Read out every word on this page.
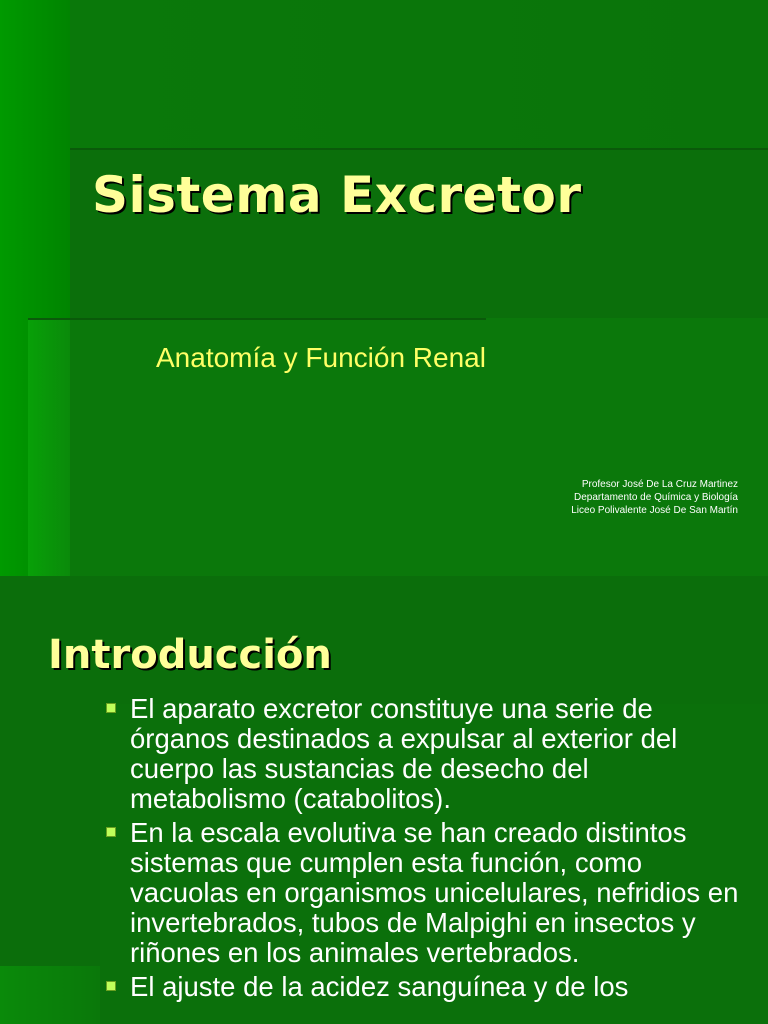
Sistema Excretor
Anatomía y Función Renal
Profesor José De La Cruz Martinez
Departamento de Química y Biología
Liceo Polivalente José De San Martín
Introducción
El aparato excretor constituye una serie de órganos destinados a expulsar al exterior del cuerpo las sustancias de desecho del metabolismo (catabolitos).
En la escala evolutiva se han creado distintos sistemas que cumplen esta función, como vacuolas en organismos unicelulares, nefridios en invertebrados, tubos de Malpighi en insectos y riñones en los animales vertebrados.
El ajuste de la acidez sanguínea y de los
